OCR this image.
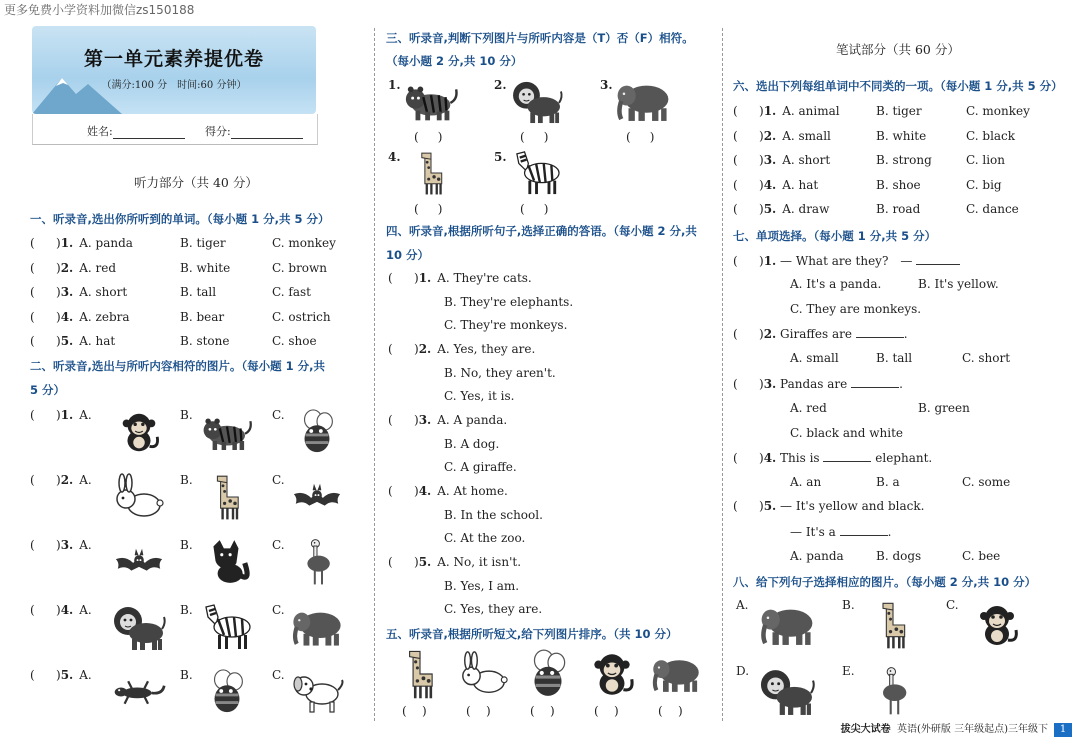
更多免费小学资料加微信zs150188
第一单元素养提优卷
（满分:100 分　时间:60 分钟）
姓名:	得分:
听力部分（共 40 分）
一、听录音,选出你所听到的单词。（每小题 1 分,共 5 分）
( )1. A. panda	B. tiger	C. monkey
( )2. A. red	B. white	C. brown
( )3. A. short	B. tall	C. fast
( )4. A. zebra	B. bear	C. ostrich
( )5. A. hat	B. stone	C. shoe
二、听录音,选出与所听内容相符的图片。（每小题 1 分,共
5 分）
( )1. A.	B.	C.
( )2. A.	B.	C.
( )3. A.	B.	C.
( )4. A.	B.	C.
( )5. A.	B.	C.
三、听录音,判断下列图片与所听内容是（T）否（F）相符。
（每小题 2 分,共 10 分）
1.
(     )
2.
(     )
3.
(     )
4.
(     )
5.
(     )
四、听录音,根据所听句子,选择正确的答语。（每小题 2 分,共
10 分）
( )1. A. They're cats.
B. They're elephants.
C. They're monkeys.
( )2. A. Yes, they are.
B. No, they aren't.
C. Yes, it is.
( )3. A. A panda.
B. A dog.
C. A giraffe.
( )4. A. At home.
B. In the school.
C. At the zoo.
( )5. A. No, it isn't.
B. Yes, I am.
C. Yes, they are.
五、听录音,根据所听短文,给下列图片排序。（共 10 分）
(    )	(    )	(    )	(    )	(    )
笔试部分（共 60 分）
六、选出下列每组单词中不同类的一项。（每小题 1 分,共 5 分）
( )1. A. animal	B. tiger	C. monkey
( )2. A. small	B. white	C. black
( )3. A. short	B. strong	C. lion
( )4. A. hat	B. shoe	C. big
( )5. A. draw	B. road	C. dance
七、单项选择。（每小题 1 分,共 5 分）
( )1. — What are they?　—
A. It's a panda.	B. It's yellow.
C. They are monkeys.
( )2. Giraffes are	.
A. small	B. tall	C. short
( )3. Pandas are	.
A. red	B. green
C. black and white
( )4. This is	elephant.
A. an	B. a	C. some
( )5. — It's yellow and black.
— It's a	.
A. panda	B. dogs	C. bee
八、给下列句子选择相应的图片。（每小题 2 分,共 10 分）
A.	B.	C.
D.	E.
拔尖大试卷 英语(外研版 三年级起点)三年级下 1
